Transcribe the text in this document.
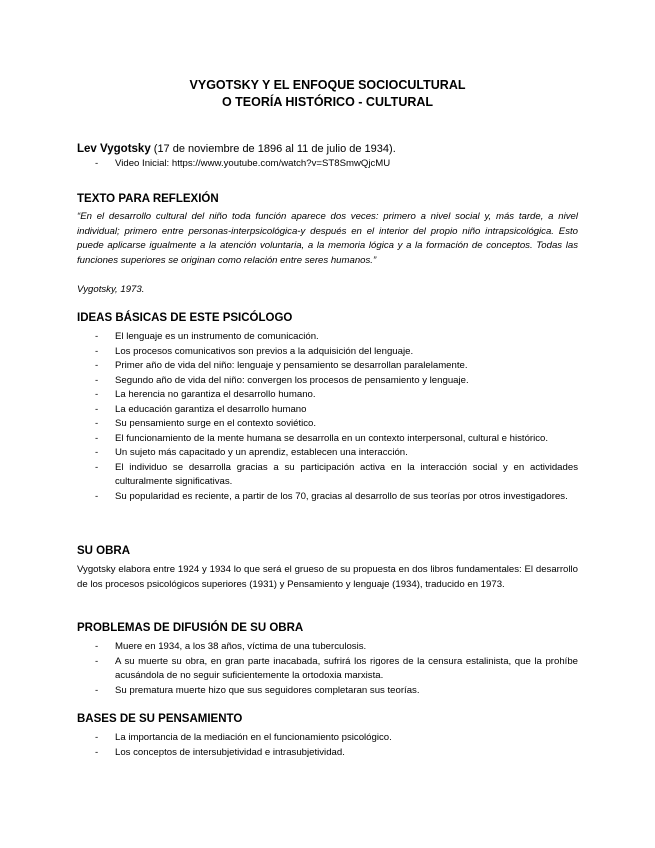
VYGOTSKY Y EL ENFOQUE SOCIOCULTURAL
O TEORÍA HISTÓRICO - CULTURAL
Lev Vygotsky (17 de noviembre de 1896 al 11 de julio de 1934).
- Video Inicial: https://www.youtube.com/watch?v=ST8SmwQjcMU
TEXTO PARA REFLEXIÓN
“En el desarrollo cultural del niño toda función aparece dos veces: primero a nivel social y, más tarde, a nivel individual; primero entre personas-interpsicológica-y después en el interior del propio niño intrapsicológica. Esto puede aplicarse igualmente a la atención voluntaria, a la memoria lógica y a la formación de conceptos. Todas las funciones superiores se originan como relación entre seres humanos.”
Vygotsky, 1973.
IDEAS BÁSICAS DE ESTE PSICÓLOGO
- El lenguaje es un instrumento de comunicación.
- Los procesos comunicativos son previos a la adquisición del lenguaje.
- Primer año de vida del niño: lenguaje y pensamiento se desarrollan paralelamente.
- Segundo año de vida del niño: convergen los procesos de pensamiento y lenguaje.
- La herencia no garantiza el desarrollo humano.
- La educación garantiza el desarrollo humano
- Su pensamiento surge en el contexto soviético.
- El funcionamiento de la mente humana se desarrolla en un contexto interpersonal, cultural e histórico.
- Un sujeto más capacitado y un aprendiz, establecen una interacción.
- El individuo se desarrolla gracias a su participación activa en la interacción social y en actividades culturalmente significativas.
- Su popularidad es reciente, a partir de los 70, gracias al desarrollo de sus teorías por otros investigadores.
SU OBRA
Vygotsky elabora entre 1924 y 1934 lo que será el grueso de su propuesta en dos libros fundamentales: El desarrollo de los procesos psicológicos superiores (1931) y Pensamiento y lenguaje (1934), traducido en 1973.
PROBLEMAS DE DIFUSIÓN DE SU OBRA
- Muere en 1934, a los 38 años, víctima de una tuberculosis.
- A su muerte su obra, en gran parte inacabada, sufrirá los rigores de la censura estalinista, que la prohíbe acusándola de no seguir suficientemente la ortodoxia marxista.
- Su prematura muerte hizo que sus seguidores completaran sus teorías.
BASES DE SU PENSAMIENTO
- La importancia de la mediación en el funcionamiento psicológico.
- Los conceptos de intersubjetividad e intrasubjetividad.
